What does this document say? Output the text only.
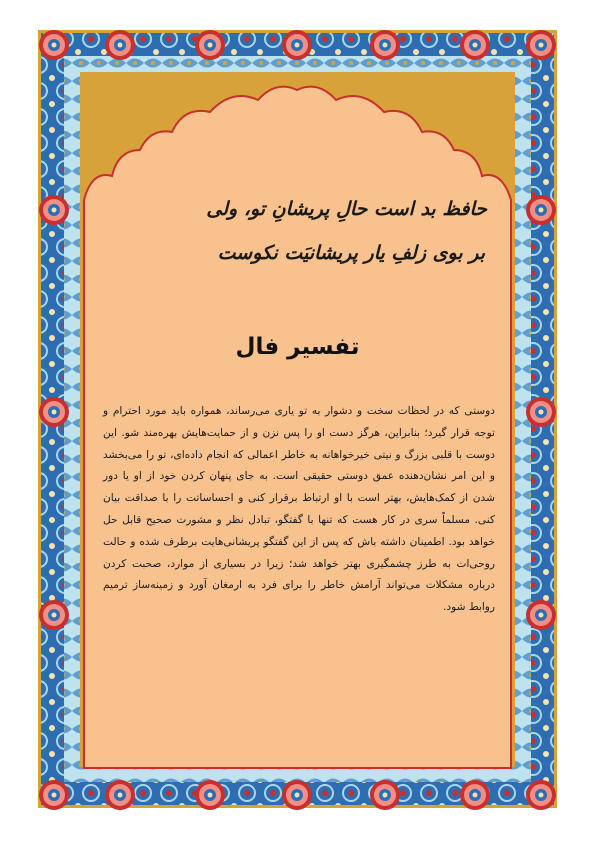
حافظ بد است حالِ پریشانِ تو، ولی
بر بوی زلفِ یار پریشانیَت نکوست
تفسیر فال

دوستی که در لحظات سخت و دشوار به تو یاری می‌رساند، همواره باید مورد احترام و توجه قرار گیرد؛ بنابراین، هرگز دست او را پس نزن و از حمایت‌هایش بهره‌مند شو. این دوست با قلبی بزرگ و نیتی خیرخواهانه به خاطر اعمالی که انجام داده‌ای، تو را می‌بخشد و این امر نشان‌دهنده عمق دوستی حقیقی است. به جای پنهان کردن خود از او یا دور شدن از کمک‌هایش، بهتر است با او ارتباط برقرار کنی و احساساتت را با صداقت بیان کنی. مسلماً سری در کار هست که تنها با گفتگو، تبادل نظر و مشورت صحیح قابل حل خواهد بود. اطمینان داشته باش که پس از این گفتگو پریشانی‌هایت برطرف شده و حالت روحی‌ات به طرز چشمگیری بهتر خواهد شد؛ زیرا در بسیاری از موارد، صحبت کردن درباره مشکلات می‌تواند آرامش خاطر را برای فرد به ارمغان آورد و زمینه‌ساز ترمیم روابط شود.
